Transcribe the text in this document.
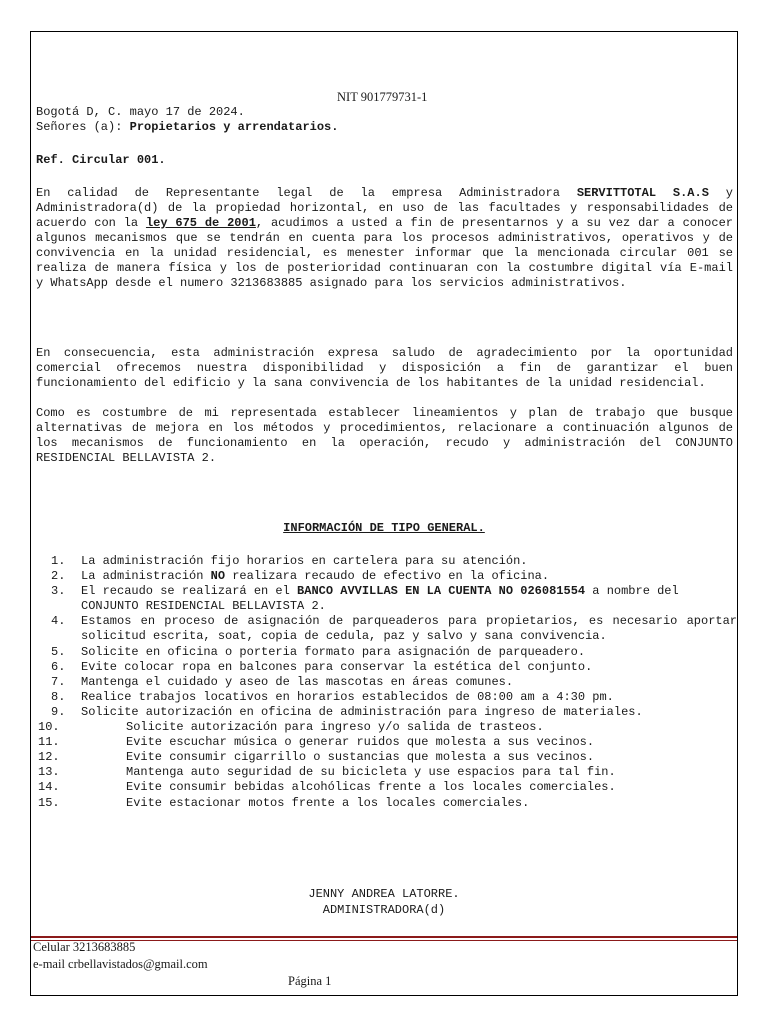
NIT 901779731-1
Bogotá D, C. mayo 17 de 2024.
Señores (a): Propietarios y arrendatarios.
Ref. Circular 001.

En calidad de Representante legal de la empresa Administradora SERVITTOTAL S.A.S y Administradora(d) de la propiedad horizontal, en uso de las facultades y responsabilidades de acuerdo con la ley 675 de 2001, acudimos a usted a fin de presentarnos y a su vez dar a conocer algunos mecanismos que se tendrán en cuenta para los procesos administrativos, operativos y de convivencia en la unidad residencial, es menester informar que la mencionada circular 001 se realiza de manera física y los de posterioridad continuaran con la costumbre digital vía E-mail y WhatsApp desde el numero 3213683885 asignado para los servicios administrativos.

En consecuencia, esta administración expresa saludo de agradecimiento por la oportunidad comercial ofrecemos nuestra disponibilidad y disposición a fin de garantizar el buen funcionamiento del edificio y la sana convivencia de los habitantes de la unidad residencial.

Como es costumbre de mi representada establecer lineamientos y plan de trabajo que busque alternativas de mejora en los métodos y procedimientos, relacionare a continuación algunos de los mecanismos de funcionamiento en la operación, recudo y administración del CONJUNTO RESIDENCIAL BELLAVISTA 2.

INFORMACIÓN DE TIPO GENERAL.
1. La administración fijo horarios en cartelera para su atención.
2. La administración NO realizara recaudo de efectivo en la oficina.
3. El recaudo se realizará en el BANCO AVVILLAS EN LA CUENTA NO 026081554 a nombre del CONJUNTO RESIDENCIAL BELLAVISTA 2.
4. Estamos en proceso de asignación de parqueaderos para propietarios, es necesario aportar solicitud escrita, soat, copia de cedula, paz y salvo y sana convivencia.
5. Solicite en oficina o porteria formato para asignación de parqueadero.
6. Evite colocar ropa en balcones para conservar la estética del conjunto.
7. Mantenga el cuidado y aseo de las mascotas en áreas comunes.
8. Realice trabajos locativos en horarios establecidos de 08:00 am a 4:30 pm.
9. Solicite autorización en oficina de administración para ingreso de materiales.
10.	Solicite autorización para ingreso y/o salida de trasteos.
11.	Evite escuchar música o generar ruidos que molesta a sus vecinos.
12.	Evite consumir cigarrillo o sustancias que molesta a sus vecinos.
13.	Mantenga auto seguridad de su bicicleta y use espacios para tal fin.
14.	Evite consumir bebidas alcohólicas frente a los locales comerciales.
15.	Evite estacionar motos frente a los locales comerciales.
JENNY ANDREA LATORRE.
ADMINISTRADORA(d)
Celular 3213683885
e-mail crbellavistados@gmail.com
Página 1
